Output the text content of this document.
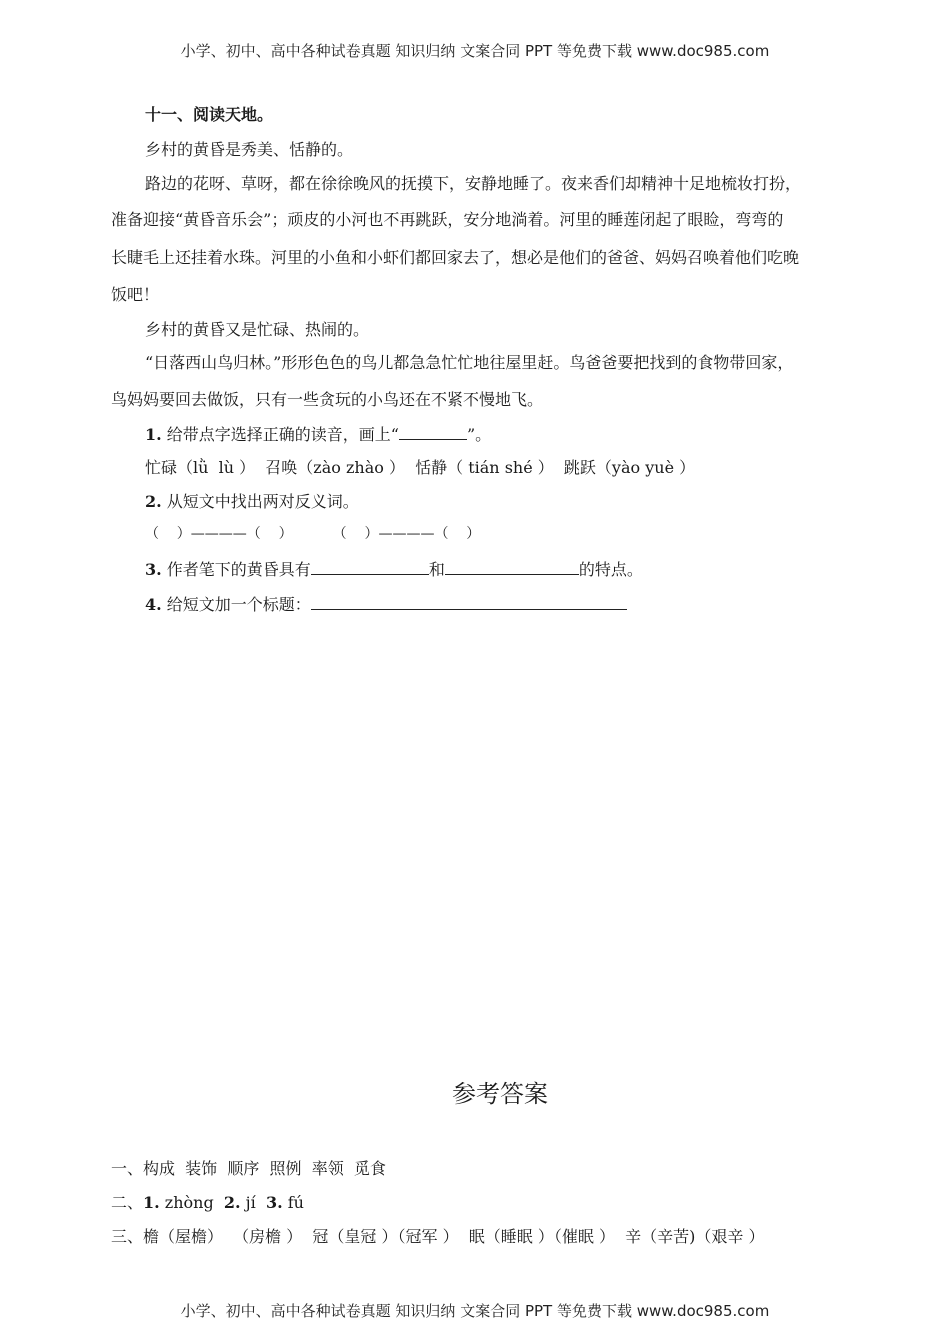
小学、初中、高中各种试卷真题 知识归纳 文案合同 PPT 等免费下载 www.doc985.com
十一、阅读天地。
乡村的黄昏是秀美、恬静的。
路边的花呀、草呀，都在徐徐晚风的抚摸下，安静地睡了。夜来香们却精神十足地梳妆打扮，
准备迎接“黄昏音乐会”；顽皮的小河也不再跳跃，安分地淌着。河里的睡莲闭起了眼睑，弯弯的
长睫毛上还挂着水珠。河里的小鱼和小虾们都回家去了，想必是他们的爸爸、妈妈召唤着他们吃晚
饭吧！
乡村的黄昏又是忙碌、热闹的。
“日落西山鸟归林。”形形色色的鸟儿都急急忙忙地往屋里赶。鸟爸爸要把找到的食物带回家，
鸟妈妈要回去做饭，只有一些贪玩的小鸟还在不紧不慢地飞。
1. 给带点字选择正确的读音，画上“	”。
忙碌（lǜ  lù ）  召唤（zào zhào ）  恬静（ tián shé ）  跳跃（yào yuè ）
2. 从短文中找出两对反义词。
（    ）————（    ）         （    ）————（    ）
3. 作者笔下的黄昏具有	和	的特点。
4. 给短文加一个标题：
参考答案
一、构成  装饰  顺序  照例  率领  觅食
二、1. zhòng  2. jí  3. fú
三、檐（屋檐）  （房檐 ）  冠（皇冠 ）（冠军 ）  眠（睡眠 ）（催眠 ）  辛（辛苦)（艰辛 ）
小学、初中、高中各种试卷真题 知识归纳 文案合同 PPT 等免费下载 www.doc985.com
